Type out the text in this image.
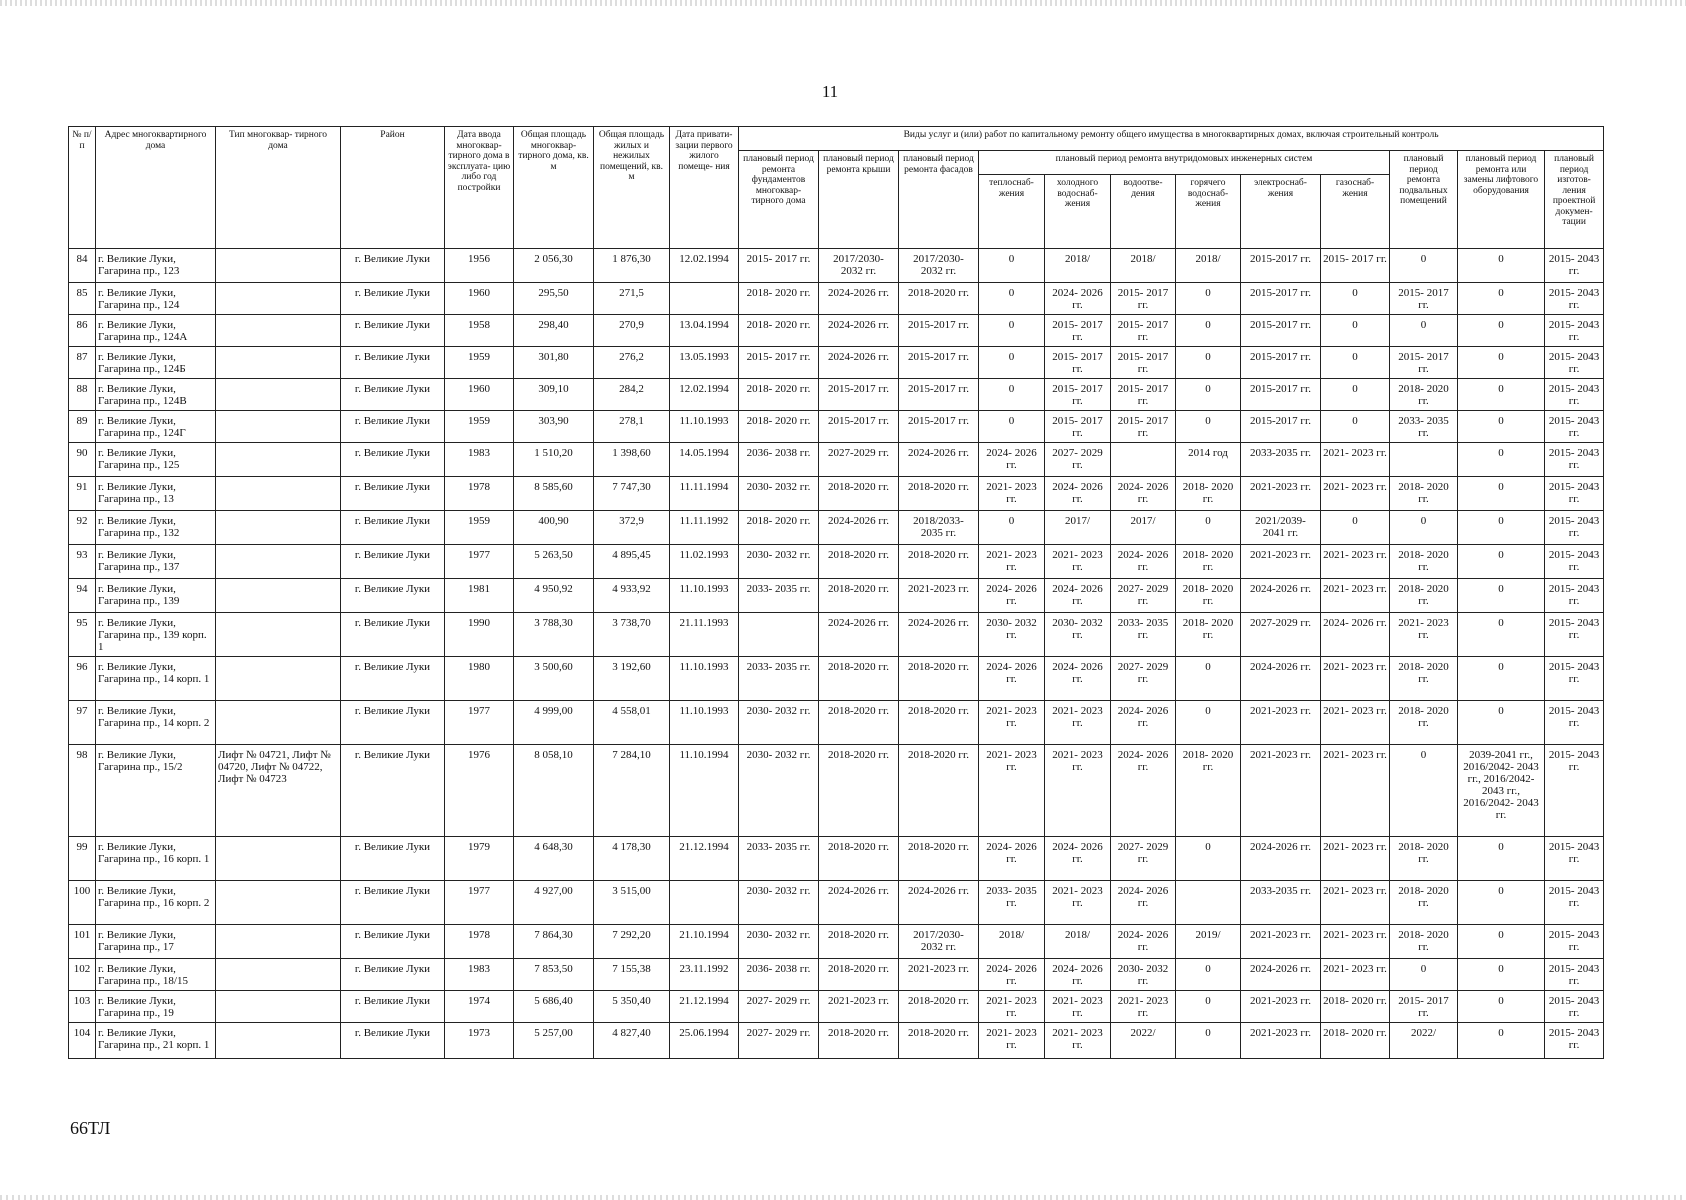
11
№ п/п	Адрес многоквартирного дома	Тип многоквар- тирного дома	Район	Дата ввода многоквар- тирного дома в эксплуата- цию либо год постройки	Общая площадь многоквар- тирного дома, кв. м	Общая площадь жилых и нежилых помещений, кв. м	Дата привати- зации первого жилого помеще- ния	Виды услуг и (или) работ по капитальному ремонту общего имущества в многоквартирных домах, включая строительный контроль											
								плановый период ремонта фундаментов многоквар- тирного дома	плановый период ремонта крыши	плановый период ремонта фасадов	плановый период ремонта внутридомовых инженерных систем						плановый период ремонта подвальных помещений	плановый период ремонта или замены лифтового оборудования	плановый период изготов- ления проектной докумен- тации
											теплоснаб- жения	холодного водоснаб- жения	водоотве- дения	горячего водоснаб- жения	электроснаб- жения	газоснаб- жения			
84	г. Великие Луки, Гагарина пр., 123		г. Великие Луки	1956	2 056,30	1 876,30	12.02.1994	2015- 2017 гг.	2017/2030- 2032 гг.	2017/2030- 2032 гг.	0	2018/	2018/	2018/	2015-2017 гг.	2015- 2017 гг.	0	0	2015- 2043 гг.
85	г. Великие Луки, Гагарина пр., 124		г. Великие Луки	1960	295,50	271,5		2018- 2020 гг.	2024-2026 гг.	2018-2020 гг.	0	2024- 2026 гг.	2015- 2017 гг.	0	2015-2017 гг.	0	2015- 2017 гг.	0	2015- 2043 гг.
86	г. Великие Луки, Гагарина пр., 124А		г. Великие Луки	1958	298,40	270,9	13.04.1994	2018- 2020 гг.	2024-2026 гг.	2015-2017 гг.	0	2015- 2017 гг.	2015- 2017 гг.	0	2015-2017 гг.	0	0	0	2015- 2043 гг.
87	г. Великие Луки, Гагарина пр., 124Б		г. Великие Луки	1959	301,80	276,2	13.05.1993	2015- 2017 гг.	2024-2026 гг.	2015-2017 гг.	0	2015- 2017 гг.	2015- 2017 гг.	0	2015-2017 гг.	0	2015- 2017 гг.	0	2015- 2043 гг.
88	г. Великие Луки, Гагарина пр., 124В		г. Великие Луки	1960	309,10	284,2	12.02.1994	2018- 2020 гг.	2015-2017 гг.	2015-2017 гг.	0	2015- 2017 гг.	2015- 2017 гг.	0	2015-2017 гг.	0	2018- 2020 гг.	0	2015- 2043 гг.
89	г. Великие Луки, Гагарина пр., 124Г		г. Великие Луки	1959	303,90	278,1	11.10.1993	2018- 2020 гг.	2015-2017 гг.	2015-2017 гг.	0	2015- 2017 гг.	2015- 2017 гг.	0	2015-2017 гг.	0	2033- 2035 гг.	0	2015- 2043 гг.
90	г. Великие Луки, Гагарина пр., 125		г. Великие Луки	1983	1 510,20	1 398,60	14.05.1994	2036- 2038 гг.	2027-2029 гг.	2024-2026 гг.	2024- 2026 гг.	2027- 2029 гг.		2014 год	2033-2035 гг.	2021- 2023 гг.		0	2015- 2043 гг.
91	г. Великие Луки, Гагарина пр., 13		г. Великие Луки	1978	8 585,60	7 747,30	11.11.1994	2030- 2032 гг.	2018-2020 гг.	2018-2020 гг.	2021- 2023 гг.	2024- 2026 гг.	2024- 2026 гг.	2018- 2020 гг.	2021-2023 гг.	2021- 2023 гг.	2018- 2020 гг.	0	2015- 2043 гг.
92	г. Великие Луки, Гагарина пр., 132		г. Великие Луки	1959	400,90	372,9	11.11.1992	2018- 2020 гг.	2024-2026 гг.	2018/2033- 2035 гг.	0	2017/	2017/	0	2021/2039- 2041 гг.	0	0	0	2015- 2043 гг.
93	г. Великие Луки, Гагарина пр., 137		г. Великие Луки	1977	5 263,50	4 895,45	11.02.1993	2030- 2032 гг.	2018-2020 гг.	2018-2020 гг.	2021- 2023 гг.	2021- 2023 гг.	2024- 2026 гг.	2018- 2020 гг.	2021-2023 гг.	2021- 2023 гг.	2018- 2020 гг.	0	2015- 2043 гг.
94	г. Великие Луки, Гагарина пр., 139		г. Великие Луки	1981	4 950,92	4 933,92	11.10.1993	2033- 2035 гг.	2018-2020 гг.	2021-2023 гг.	2024- 2026 гг.	2024- 2026 гг.	2027- 2029 гг.	2018- 2020 гг.	2024-2026 гг.	2021- 2023 гг.	2018- 2020 гг.	0	2015- 2043 гг.
95	г. Великие Луки, Гагарина пр., 139 корп. 1		г. Великие Луки	1990	3 788,30	3 738,70	21.11.1993		2024-2026 гг.	2024-2026 гг.	2030- 2032 гг.	2030- 2032 гг.	2033- 2035 гг.	2018- 2020 гг.	2027-2029 гг.	2024- 2026 гг.	2021- 2023 гг.	0	2015- 2043 гг.
96	г. Великие Луки, Гагарина пр., 14 корп. 1		г. Великие Луки	1980	3 500,60	3 192,60	11.10.1993	2033- 2035 гг.	2018-2020 гг.	2018-2020 гг.	2024- 2026 гг.	2024- 2026 гг.	2027- 2029 гг.	0	2024-2026 гг.	2021- 2023 гг.	2018- 2020 гг.	0	2015- 2043 гг.
97	г. Великие Луки, Гагарина пр., 14 корп. 2		г. Великие Луки	1977	4 999,00	4 558,01	11.10.1993	2030- 2032 гг.	2018-2020 гг.	2018-2020 гг.	2021- 2023 гг.	2021- 2023 гг.	2024- 2026 гг.	0	2021-2023 гг.	2021- 2023 гг.	2018- 2020 гг.	0	2015- 2043 гг.
98	г. Великие Луки, Гагарина пр., 15/2	Лифт № 04721, Лифт № 04720, Лифт № 04722, Лифт № 04723	г. Великие Луки	1976	8 058,10	7 284,10	11.10.1994	2030- 2032 гг.	2018-2020 гг.	2018-2020 гг.	2021- 2023 гг.	2021- 2023 гг.	2024- 2026 гг.	2018- 2020 гг.	2021-2023 гг.	2021- 2023 гг.	0	2039-2041 гг., 2016/2042- 2043 гг., 2016/2042- 2043 гг., 2016/2042- 2043 гг.	2015- 2043 гг.
99	г. Великие Луки, Гагарина пр., 16 корп. 1		г. Великие Луки	1979	4 648,30	4 178,30	21.12.1994	2033- 2035 гг.	2018-2020 гг.	2018-2020 гг.	2024- 2026 гг.	2024- 2026 гг.	2027- 2029 гг.	0	2024-2026 гг.	2021- 2023 гг.	2018- 2020 гг.	0	2015- 2043 гг.
100	г. Великие Луки, Гагарина пр., 16 корп. 2		г. Великие Луки	1977	4 927,00	3 515,00		2030- 2032 гг.	2024-2026 гг.	2024-2026 гг.	2033- 2035 гг.	2021- 2023 гг.	2024- 2026 гг.		2033-2035 гг.	2021- 2023 гг.	2018- 2020 гг.	0	2015- 2043 гг.
101	г. Великие Луки, Гагарина пр., 17		г. Великие Луки	1978	7 864,30	7 292,20	21.10.1994	2030- 2032 гг.	2018-2020 гг.	2017/2030- 2032 гг.	2018/	2018/	2024- 2026 гг.	2019/	2021-2023 гг.	2021- 2023 гг.	2018- 2020 гг.	0	2015- 2043 гг.
102	г. Великие Луки, Гагарина пр., 18/15		г. Великие Луки	1983	7 853,50	7 155,38	23.11.1992	2036- 2038 гг.	2018-2020 гг.	2021-2023 гг.	2024- 2026 гг.	2024- 2026 гг.	2030- 2032 гг.	0	2024-2026 гг.	2021- 2023 гг.	0	0	2015- 2043 гг.
103	г. Великие Луки, Гагарина пр., 19		г. Великие Луки	1974	5 686,40	5 350,40	21.12.1994	2027- 2029 гг.	2021-2023 гг.	2018-2020 гг.	2021- 2023 гг.	2021- 2023 гг.	2021- 2023 гг.	0	2021-2023 гг.	2018- 2020 гг.	2015- 2017 гг.	0	2015- 2043 гг.
104	г. Великие Луки, Гагарина пр., 21 корп. 1		г. Великие Луки	1973	5 257,00	4 827,40	25.06.1994	2027- 2029 гг.	2018-2020 гг.	2018-2020 гг.	2021- 2023 гг.	2021- 2023 гг.	2022/	0	2021-2023 гг.	2018- 2020 гг.	2022/	0	2015- 2043 гг.
66ТЛ
